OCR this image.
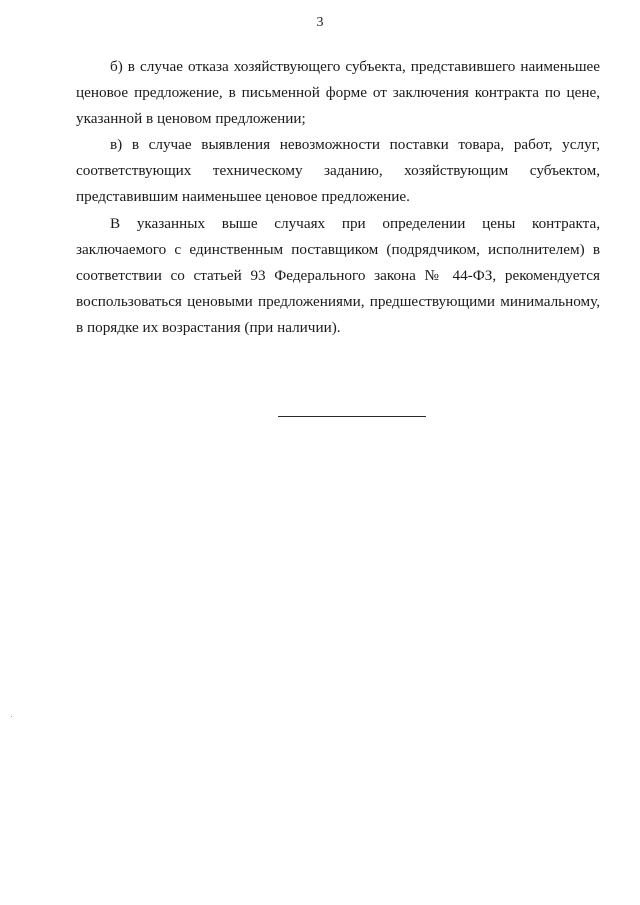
3

б) в случае отказа хозяйствующего субъекта, представившего наименьшее ценовое предложение, в письменной форме от заключения контракта по цене, указанной в ценовом предложении;

в) в случае выявления невозможности поставки товара, работ, услуг, соответствующих техническому заданию, хозяйствующим субъектом, представившим наименьшее ценовое предложение.

В указанных выше случаях при определении цены контракта, заключаемого с единственным поставщиком (подрядчиком, исполнителем) в соответствии со статьей 93 Федерального закона № 44-ФЗ, рекомендуется воспользоваться ценовыми предложениями, предшествующими минимальному, в порядке их возрастания (при наличии).
